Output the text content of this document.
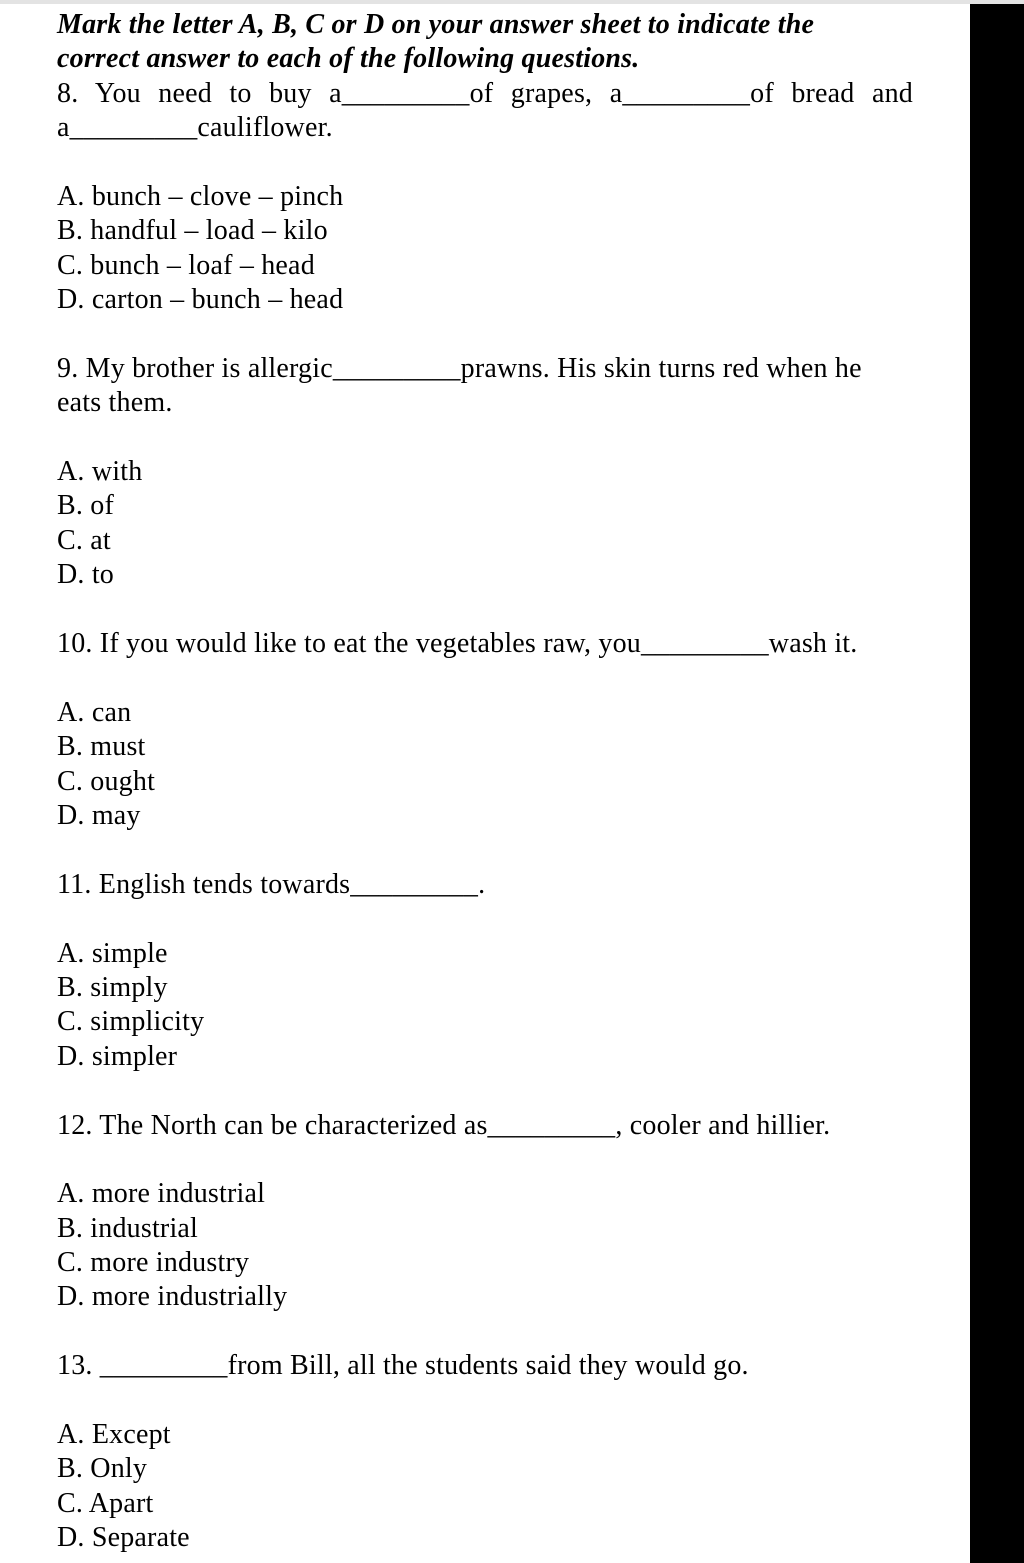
Mark the letter A, B, C or D on your answer sheet to indicate the
correct answer to each of the following questions.
8. You need to buy a_________of grapes, a_________of bread and
a_________cauliflower.
A. bunch – clove – pinch
B. handful – load – kilo
C. bunch – loaf – head
D. carton – bunch – head
9. My brother is allergic_________prawns. His skin turns red when he
eats them.
A. with
B. of
C. at
D. to
10. If you would like to eat the vegetables raw, you_________wash it.
A. can
B. must
C. ought
D. may
11. English tends towards_________.
A. simple
B. simply
C. simplicity
D. simpler
12. The North can be characterized as_________, cooler and hillier.
A. more industrial
B. industrial
C. more industry
D. more industrially
13. _________from Bill, all the students said they would go.
A. Except
B. Only
C. Apart
D. Separate
